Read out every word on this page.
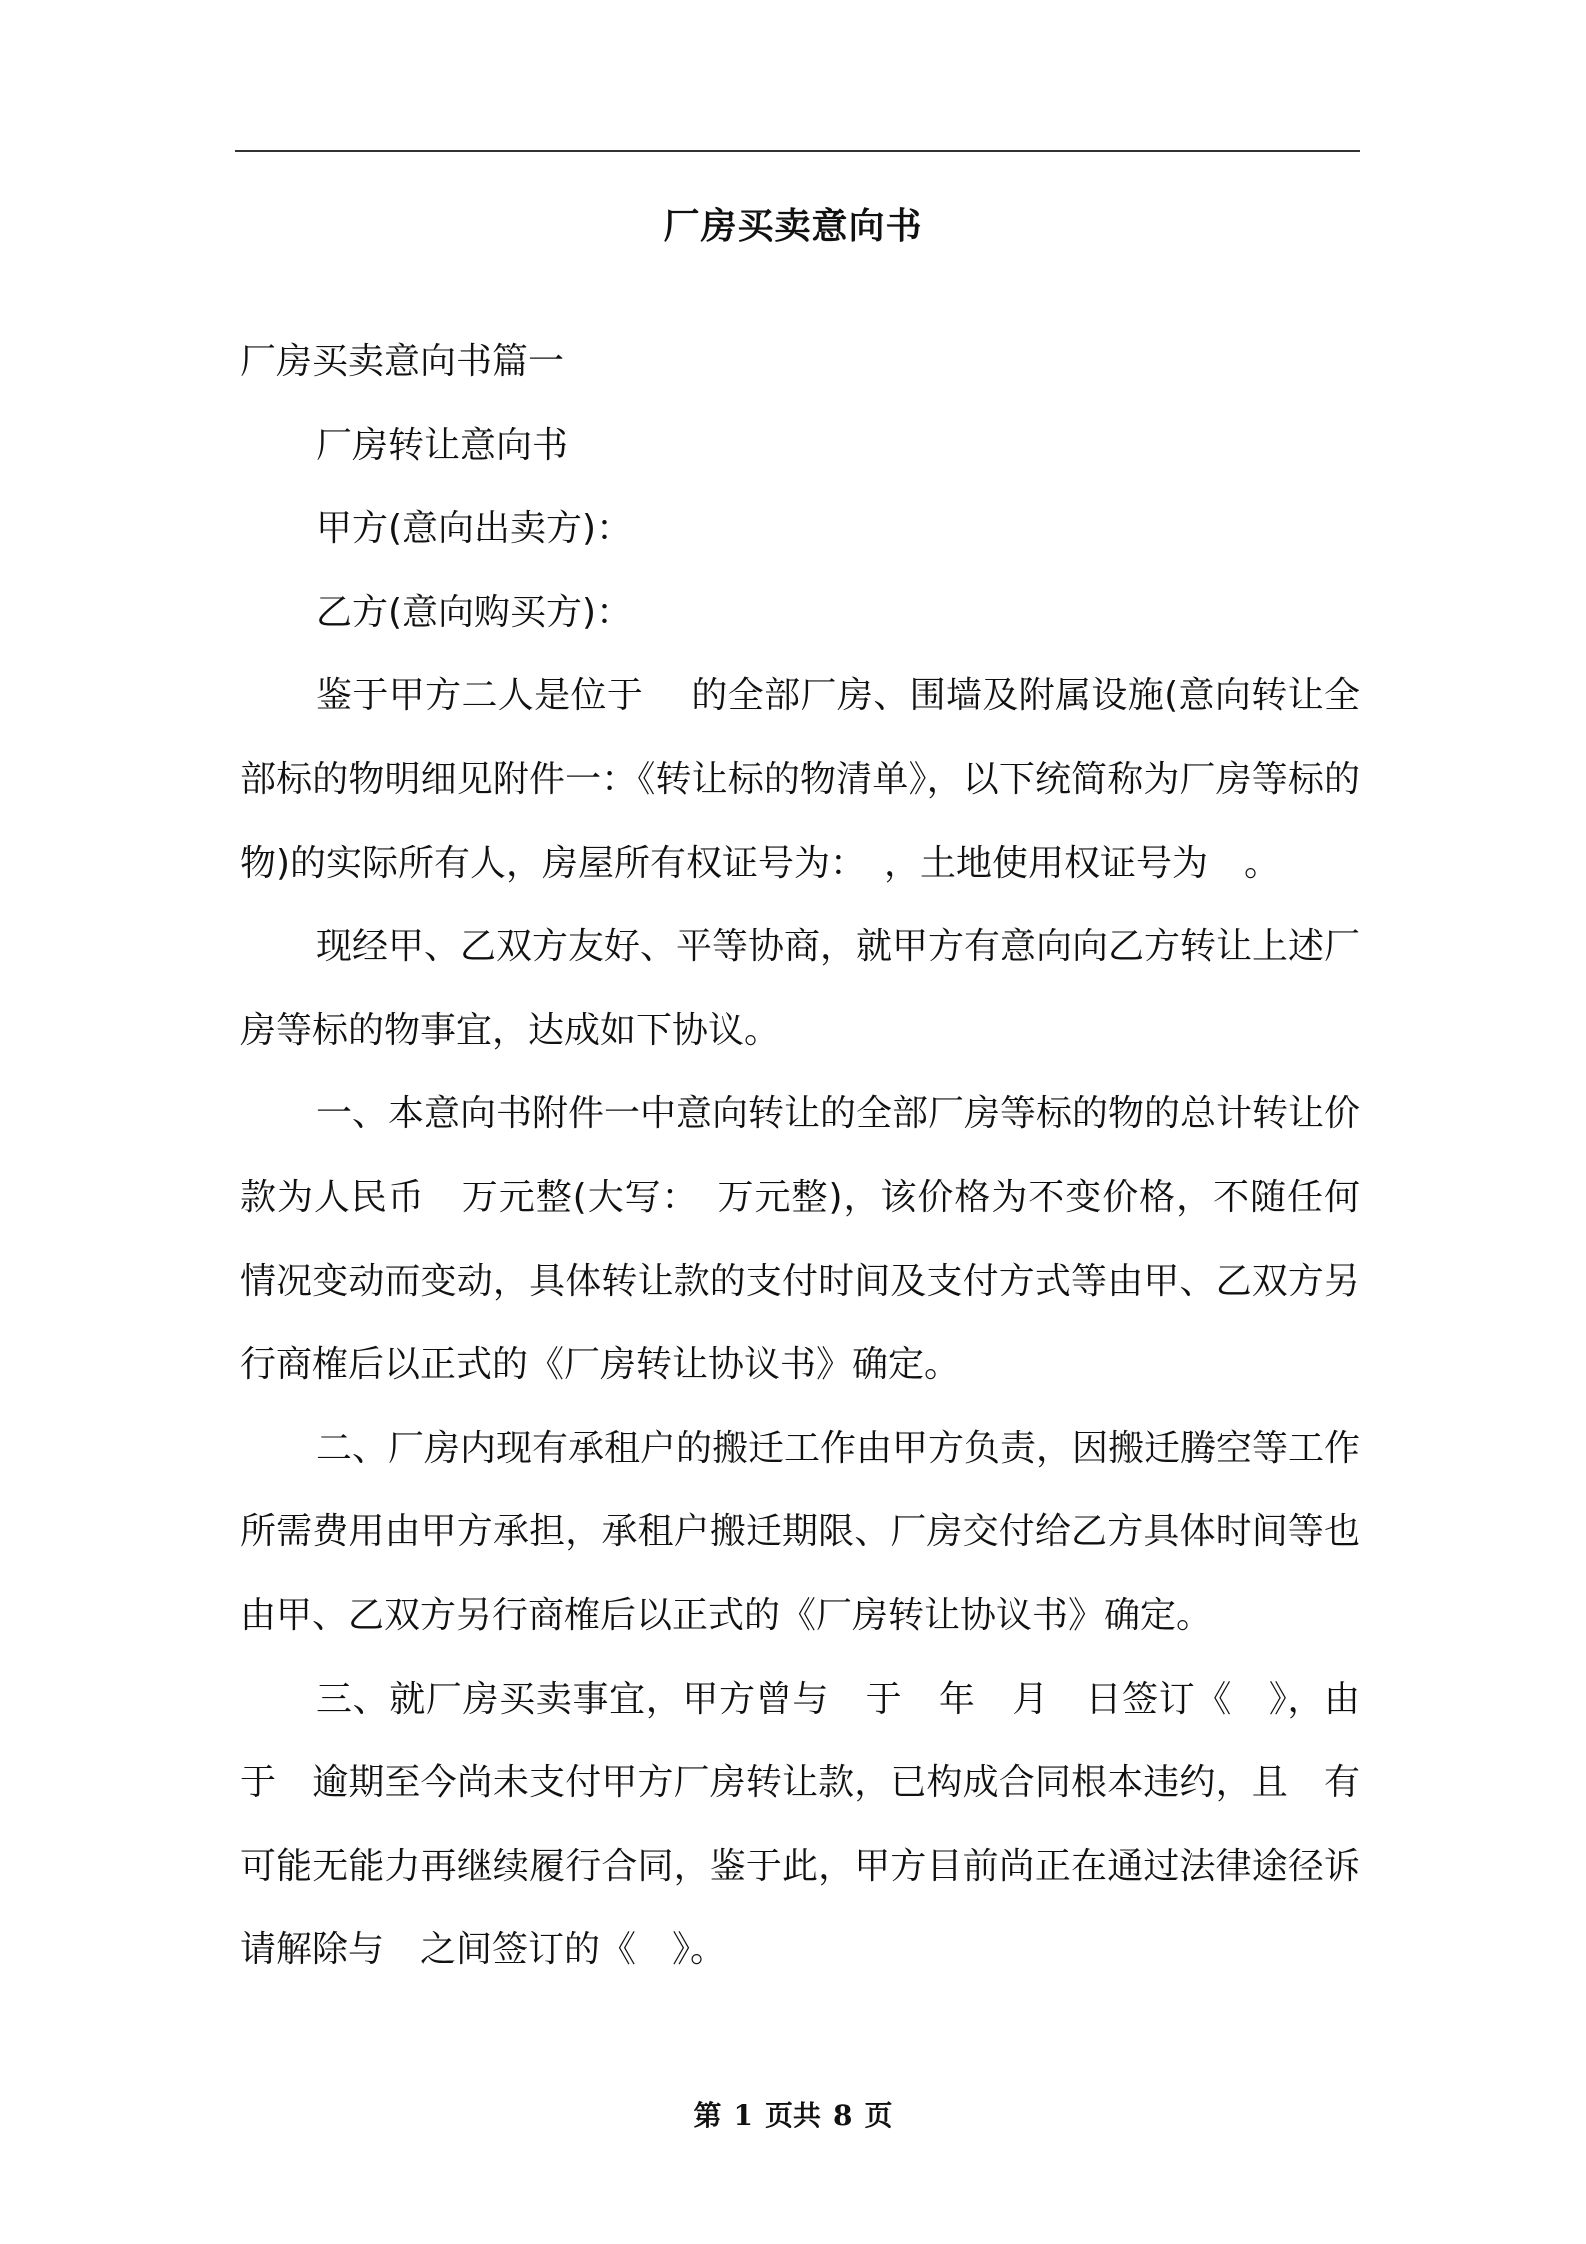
厂房买卖意向书

厂房买卖意向书篇一

厂房转让意向书

甲方(意向出卖方)：

乙方(意向购买方)：

鉴于甲方二人是位于　 的全部厂房、围墙及附属设施(意向转让全部标的物明细见附件一：《转让标的物清单》，以下统简称为厂房等标的物)的实际所有人，房屋所有权证号为：　，土地使用权证号为　。

现经甲、乙双方友好、平等协商，就甲方有意向向乙方转让上述厂房等标的物事宜，达成如下协议。

一、本意向书附件一中意向转让的全部厂房等标的物的总计转让价款为人民币　万元整(大写：　万元整)，该价格为不变价格，不随任何情况变动而变动，具体转让款的支付时间及支付方式等由甲、乙双方另行商榷后以正式的《厂房转让协议书》确定。

二、厂房内现有承租户的搬迁工作由甲方负责，因搬迁腾空等工作所需费用由甲方承担，承租户搬迁期限、厂房交付给乙方具体时间等也由甲、乙双方另行商榷后以正式的《厂房转让协议书》确定。

三、就厂房买卖事宜，甲方曾与　于　年　月　日签订《　》，由于　逾期至今尚未支付甲方厂房转让款，已构成合同根本违约，且　有可能无能力再继续履行合同，鉴于此，甲方目前尚正在通过法律途径诉请解除与　之间签订的《　》。

第 1 页共 8 页
